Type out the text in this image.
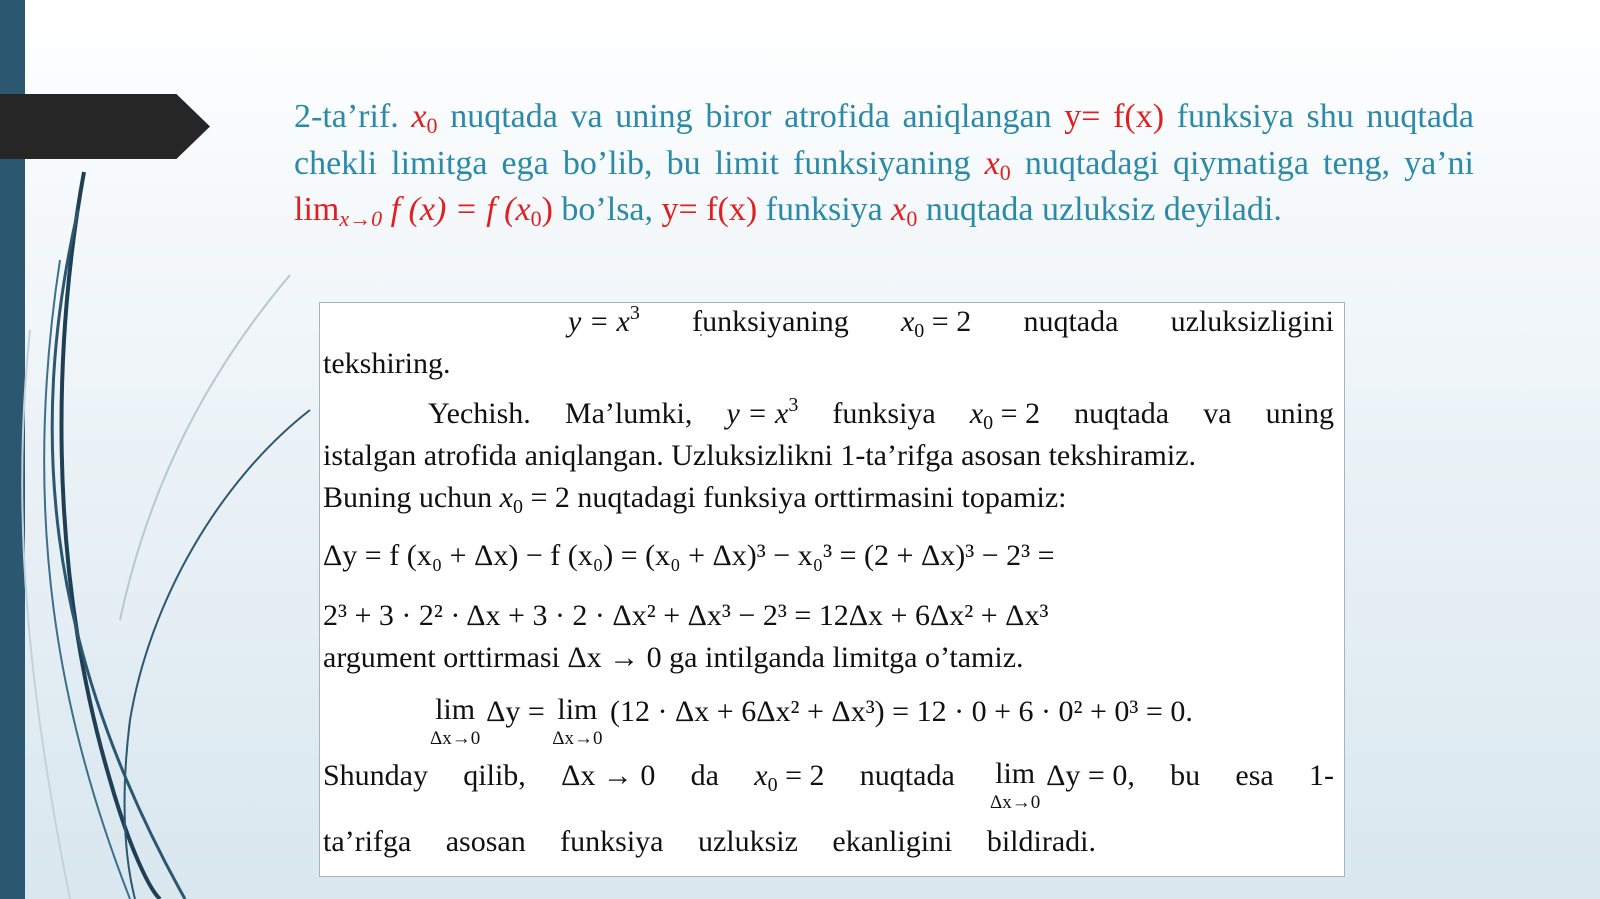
2-ta’rif. $x_0$ nuqtada va uning biror atrofida aniqlangan y= f(x) funksiya shu nuqtada chekli limitga ega bo’lib, bu limit funksiyaning $x_0$ nuqtadagi qiymatiga teng, ya’ni $\lim_{x\to 0} f$ (x) = f $(x_0)$ bo’lsa, y= f(x) funksiya $x_0$ nuqtada uzluksiz deyiladi.
$y = x^3$ funksiyaning $x_0 = 2$ nuqtada uzluksizligini
tekshiring.
Yechish. Ma’lumki, $y = x^3$ funksiya $x_0 = 2$ nuqtada va uning
istalgan atrofida aniqlangan. Uzluksizlikni 1-ta’rifga asosan tekshiramiz.
Buning uchun $x_0 = 2$ nuqtadagi funksiya orttirmasini topamiz:
Δy = f (x₀ + Δx) − f (x₀) = (x₀ + Δx)³ − x₀³ = (2 + Δx)³ − 2³ =
2³ + 3 · 2² · Δx + 3 · 2 · Δx² + Δx³ − 2³ = 12Δx + 6Δx² + Δx³
argument orttirmasi Δx → 0 ga intilganda limitga o’tamiz.
lim
Δx→0
Δy = lim
Δx→0
(12 · Δx + 6Δx² + Δx³) = 12 · 0 + 6 · 0² + 0³ = 0.
Shunday qilib, Δx → 0 da $x_0 = 2$ nuqtada lim
Δx→0
Δy = 0, bu esa 1-
ta’rifga asosan funksiya uzluksiz ekanligini bildiradi.
